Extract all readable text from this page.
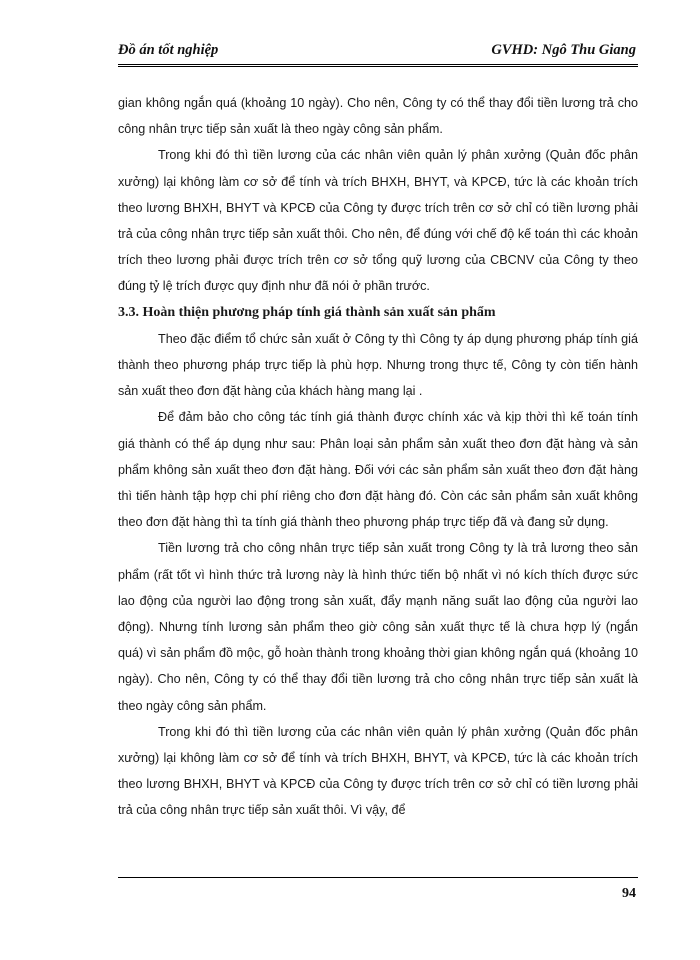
Đồ án tốt nghiệp	GVHD: Ngô Thu Giang

gian không ngắn quá (khoảng 10 ngày). Cho nên, Công ty có thể thay đổi tiền lương trả cho công nhân trực tiếp sản xuất là theo ngày công sản phẩm.

Trong khi đó thì tiền lương của các nhân viên quản lý phân xưởng (Quản đốc phân xưởng) lại không làm cơ sở để tính và trích BHXH, BHYT, và KPCĐ, tức là các khoản trích theo lương BHXH, BHYT và KPCĐ của Công ty được trích trên cơ sở chỉ có tiền lương phải trả của công nhân trực tiếp sản xuất thôi. Cho nên, để đúng với chế độ kế toán thì các khoản trích theo lương phải được trích trên cơ sở tổng quỹ lương của CBCNV của Công ty theo đúng tỷ lệ trích được quy định như đã nói ở phần trước.

3.3. Hoàn thiện phương pháp tính giá thành sản xuất sản phẩm

Theo đặc điểm tổ chức sản xuất ở Công ty thì Công ty áp dụng phương pháp tính giá thành theo phương pháp trực tiếp là phù hợp. Nhưng trong thực tế, Công ty còn tiến hành sản xuất theo đơn đặt hàng của khách hàng mang lại .

Để đảm bảo cho công tác tính giá thành được chính xác và kịp thời thì kế toán tính giá thành có thể áp dụng như sau: Phân loại sản phẩm sản xuất theo đơn đặt hàng và sản phẩm không sản xuất theo đơn đặt hàng. Đối với các sản phẩm sản xuất theo đơn đặt hàng thì tiến hành tập hợp chi phí riêng cho đơn đặt hàng đó. Còn các sản phẩm sản xuất không theo đơn đặt hàng thì ta tính giá thành theo phương pháp trực tiếp đã và đang sử dụng.

Tiền lương trả cho công nhân trực tiếp sản xuất trong Công ty là trả lương theo sản phẩm (rất tốt vì hình thức trả lương này là hình thức tiến bộ nhất vì nó kích thích được sức lao động của người lao động trong sản xuất, đẩy mạnh năng suất lao động của người lao động). Nhưng tính lương sản phẩm theo giờ công sản xuất thực tế là chưa hợp lý (ngắn quá) vì sản phẩm đồ mộc, gỗ hoàn thành trong khoảng thời gian không ngắn quá (khoảng 10 ngày). Cho nên, Công ty có thể thay đổi tiền lương trả cho công nhân trực tiếp sản xuất là theo ngày công sản phẩm.

Trong khi đó thì tiền lương của các nhân viên quản lý phân xưởng (Quản đốc phân xưởng) lại không làm cơ sở để tính và trích BHXH, BHYT, và KPCĐ, tức là các khoản trích theo lương BHXH, BHYT và KPCĐ của Công ty được trích trên cơ sở chỉ có tiền lương phải trả của công nhân trực tiếp sản xuất thôi. Vì vậy, để

94
